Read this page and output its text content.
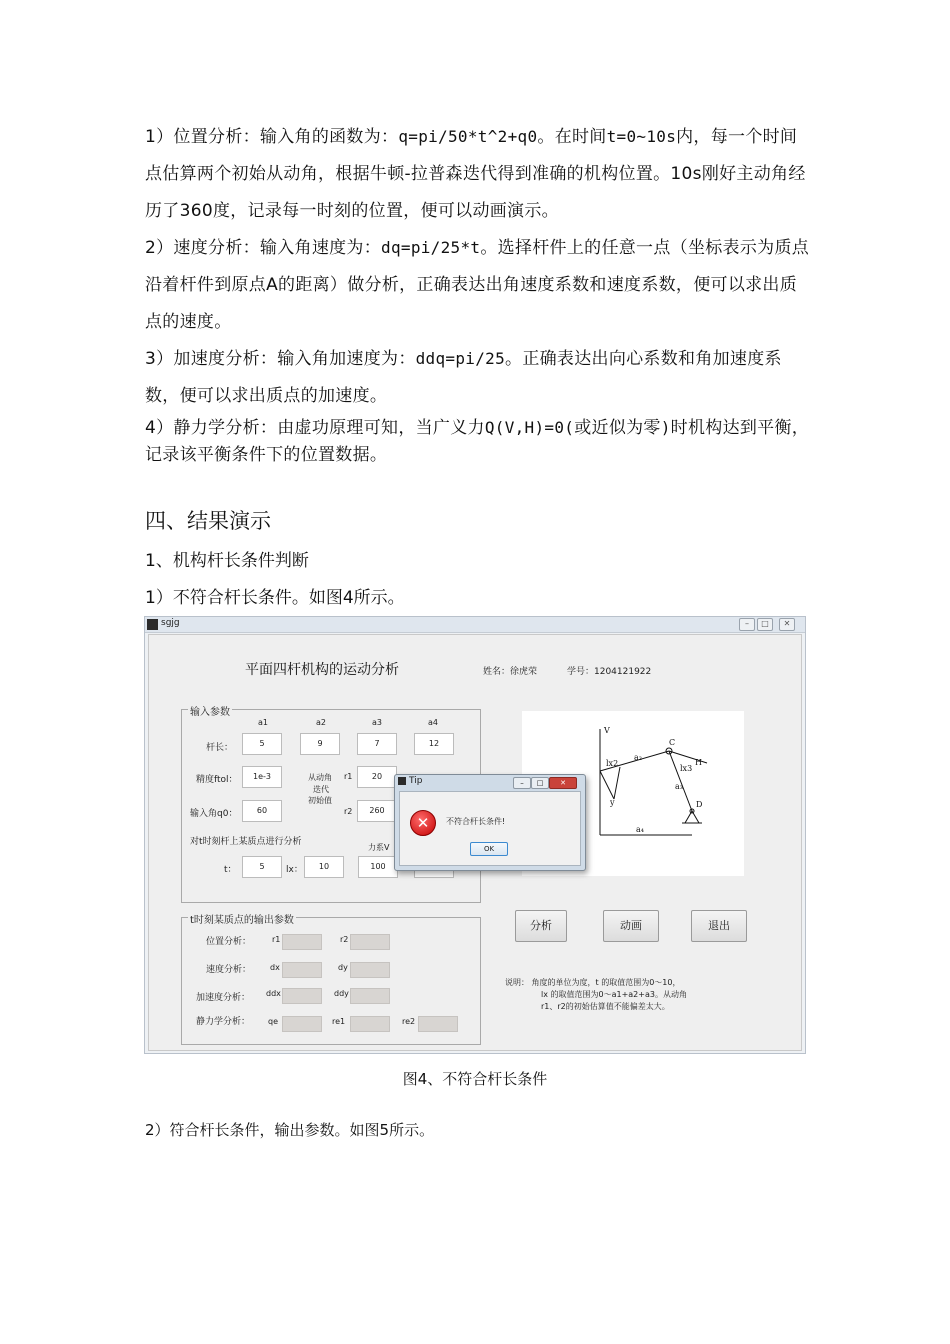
1）位置分析：输入角的函数为：q=pi/50*t^2+q0。在时间t=0~10s内，每一个时间点估算两个初始从动角，根据牛顿-拉普森迭代得到准确的机构位置。10s刚好主动角经历了360度，记录每一时刻的位置，便可以动画演示。
2）速度分析：输入角速度为：dq=pi/25*t。选择杆件上的任意一点（坐标表示为质点沿着杆件到原点A的距离）做分析，正确表达出角速度系数和速度系数，便可以求出质点的速度。
3）加速度分析：输入角加速度为：ddq=pi/25。正确表达出向心系数和角加速度系数，便可以求出质点的加速度。
4）静力学分析：由虚功原理可知，当广义力Q(V,H)=0(或近似为零)时机构达到平衡，记录该平衡条件下的位置数据。
四、结果演示
1、机构杆长条件判断
1）不符合杆长条件。如图4所示。
sgjg	–	□	✕
平面四杆机构的运动分析	姓名：徐虎荣	学号：1204121922
输入参数
a1	a2	a3	a4
杆长：	5	9	7	12
精度ftol：	1e-3	从动角
迭代
初始值
r1	20
r2	260
输入角q0：	60
对t时刻杆上某质点进行分析
力系V
t：	5	lx：	10	100
t时刻某质点的输出参数
位置分析：	r1	r2
速度分析： dx	dy
加速度分析： ddx	ddy
静力学分析： qe	re1	re2
C
D
a₂
a₃
a₄
lx2
lx3
V
H
y
分析	动画	退出
说明： 角度的单位为度，t 的取值范围为0～10，
lx 的取值范围为0～a1+a2+a3。从动角
r1、r2的初始估算值不能偏差太大。
Tip	–	□	✕
✕	不符合杆长条件!
OK
图4、不符合杆长条件
2）符合杆长条件，输出参数。如图5所示。
